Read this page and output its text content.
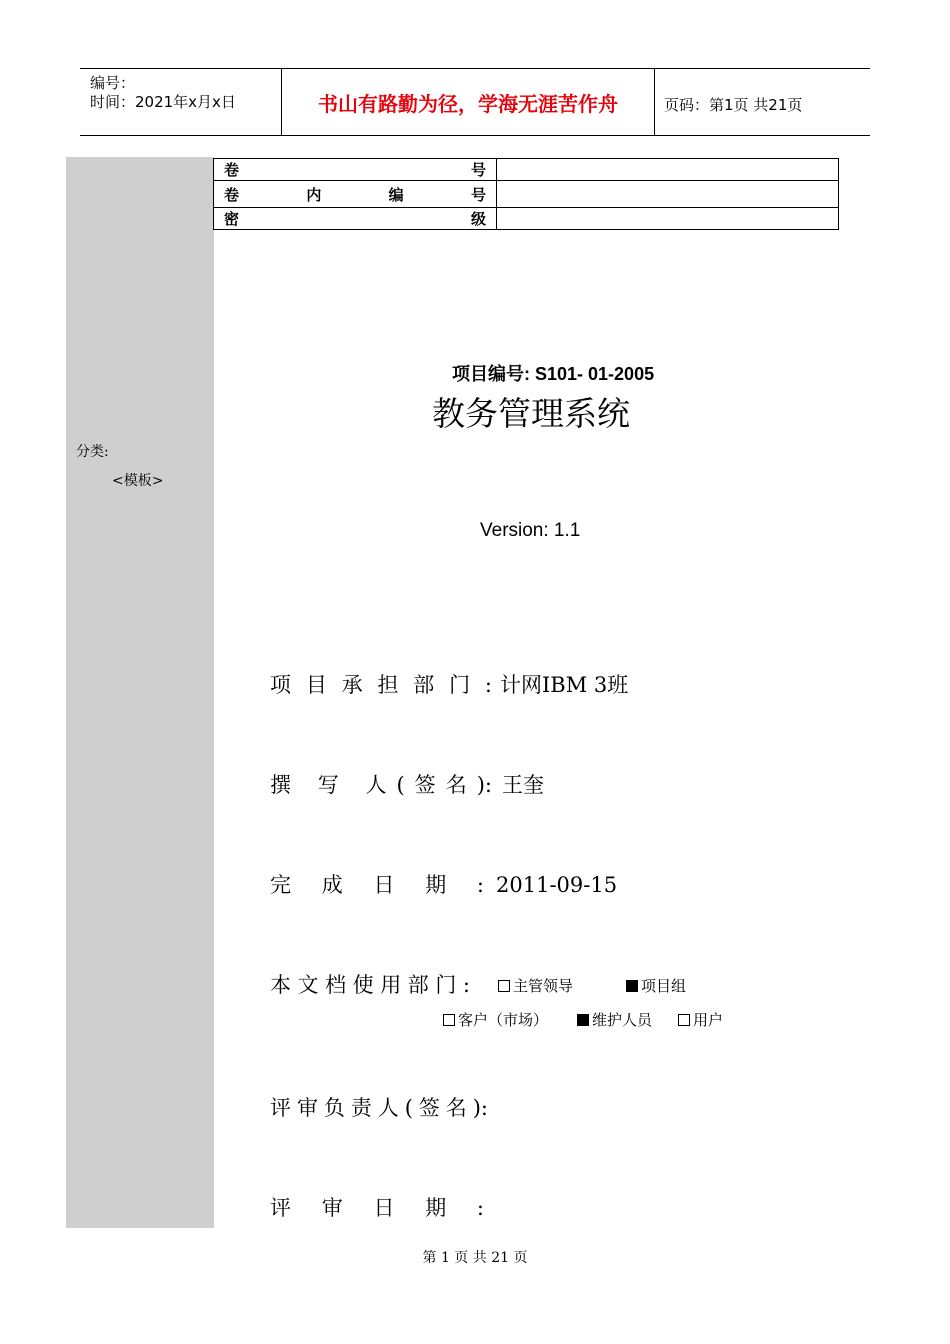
编号：
时间：2021年x月x日	书山有路勤为径，学海无涯苦作舟	页码：第1页 共21页
分类:
<模板>
卷号	
卷内编号	
密级	
项目编号: S101- 01-2005
教务管理系统
Version: 1.1
项目承担部门: 计网IBM 3班
撰 写 人(签名): 王奎
完成日期: 2011-09-15
本文档使用部门:	主管领导	项目组
客户（市场）	维护人员	用户
评审负责人(签名):
评审日期:
第 1 页 共 21 页
